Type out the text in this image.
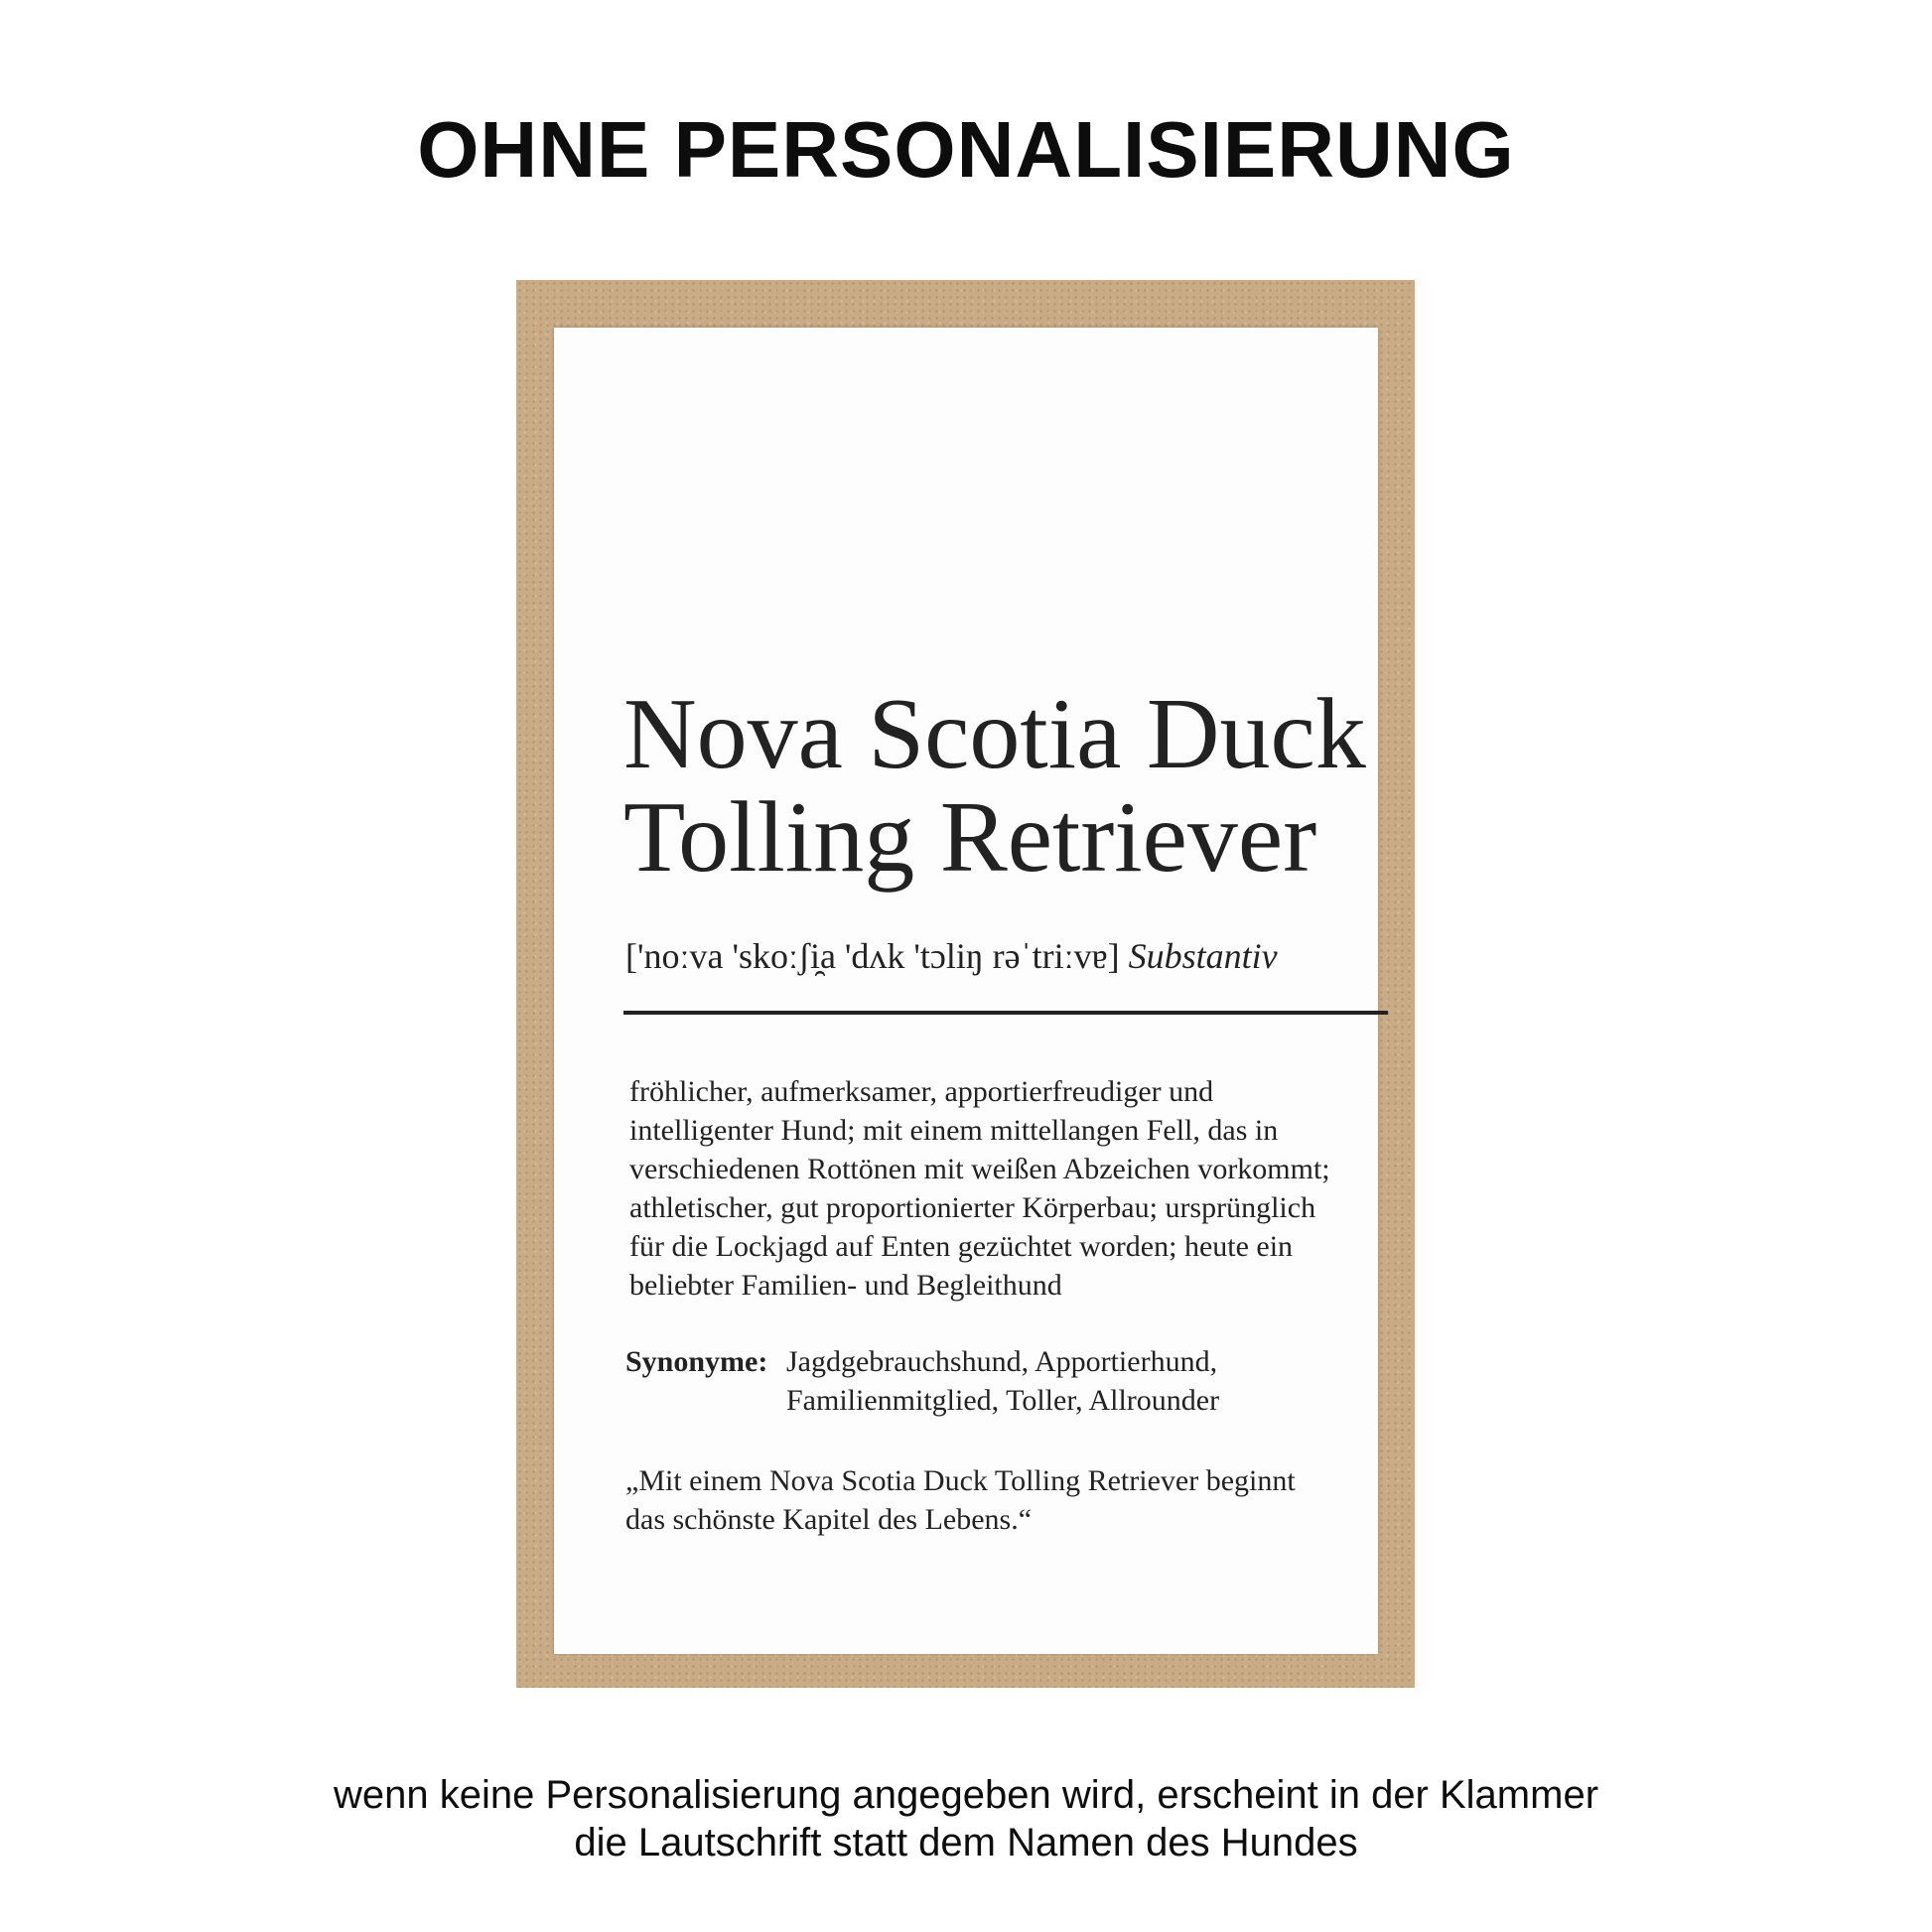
OHNE PERSONALISIERUNG
Nova Scotia Duck
Tolling Retriever
['noːva 'skoːʃi̯a 'dʌk 'tɔliŋ rəˈtriːvɐ] Substantiv
fröhlicher, aufmerksamer, apportierfreudiger und
intelligenter Hund; mit einem mittellangen Fell, das in
verschiedenen Rottönen mit weißen Abzeichen vorkommt;
athletischer, gut proportionierter Körperbau; ursprünglich
für die Lockjagd auf Enten gezüchtet worden; heute ein
beliebter Familien- und Begleithund
Synonyme: Jagdgebrauchshund, Apportierhund,
Familienmitglied, Toller, Allrounder
„Mit einem Nova Scotia Duck Tolling Retriever beginnt
das schönste Kapitel des Lebens.“
wenn keine Personalisierung angegeben wird, erscheint in der Klammer
die Lautschrift statt dem Namen des Hundes
